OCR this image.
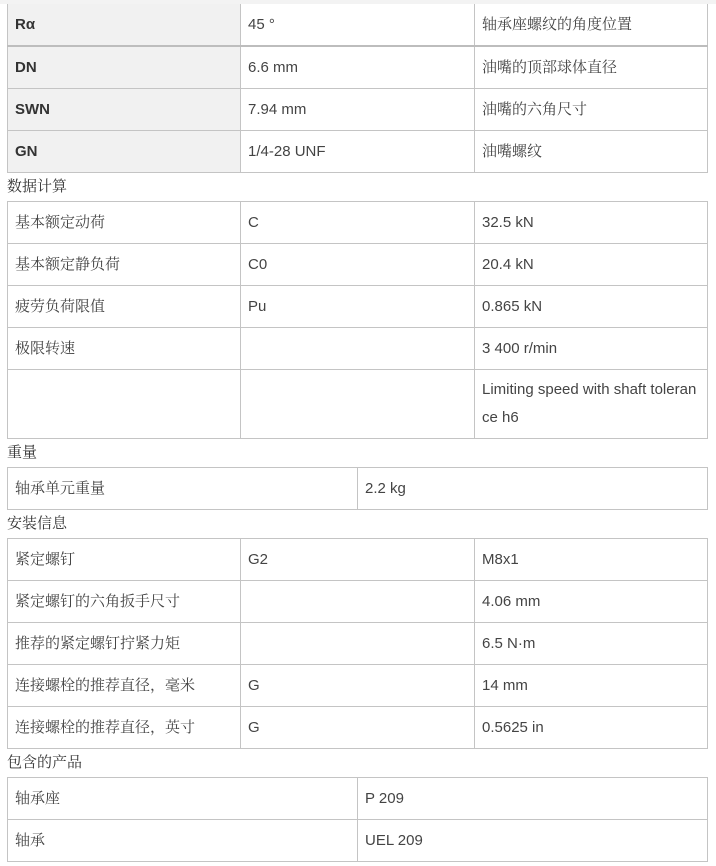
Rα	45 °	轴承座螺纹的角度位置
DN	6.6 mm	油嘴的顶部球体直径
SWN	7.94 mm	油嘴的六角尺寸
GN	1/4-28 UNF	油嘴螺纹
数据计算
基本额定动荷	C	32.5 kN
基本额定静负荷	C0	20.4 kN
疲劳负荷限值	Pu	0.865 kN
极限转速		3 400 r/min
		Limiting speed with shaft tolerance h6
重量
轴承单元重量	2.2 kg
安装信息
紧定螺钉	G2	M8x1
紧定螺钉的六角扳手尺寸		4.06 mm
推荐的紧定螺钉拧紧力矩		6.5 N·m
连接螺栓的推荐直径，毫米	G	14 mm
连接螺栓的推荐直径，英寸	G	0.5625 in
包含的产品
轴承座	P 209
轴承	UEL 209
